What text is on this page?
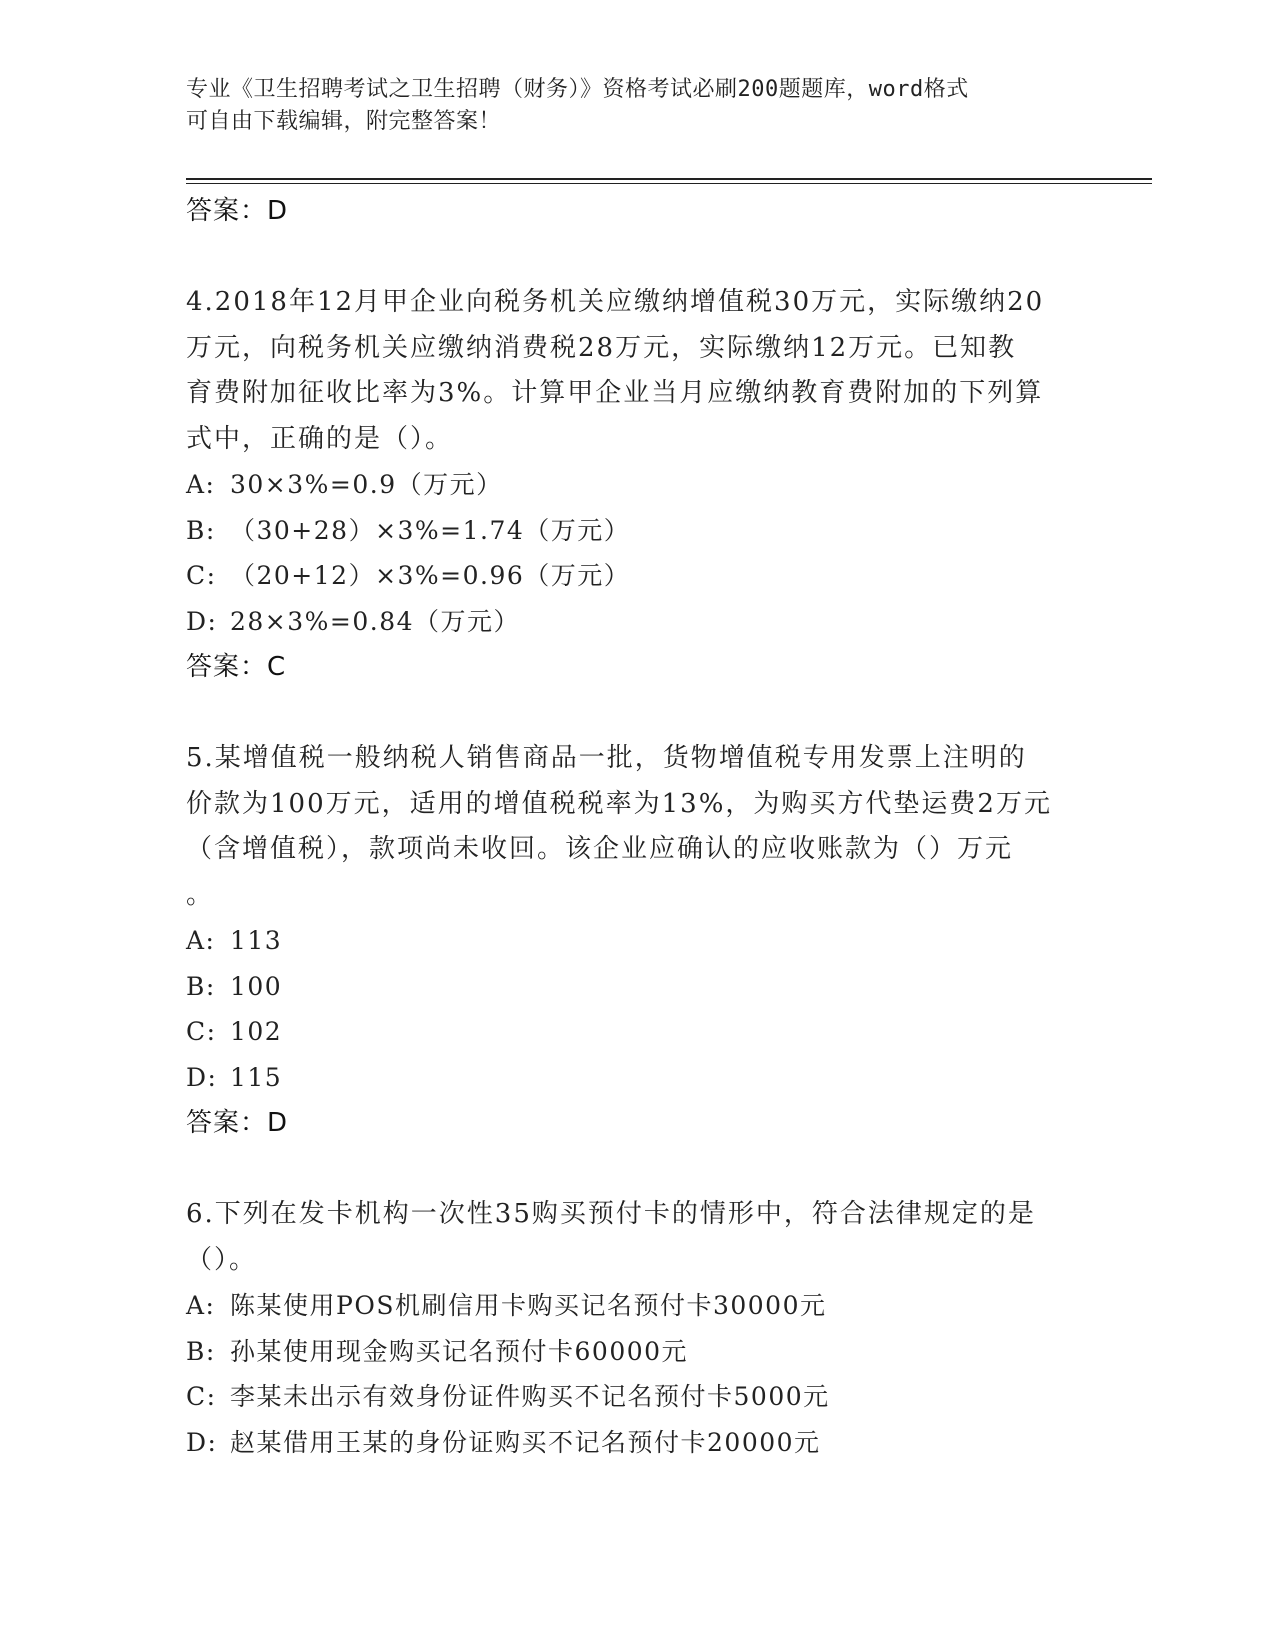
专业《卫生招聘考试之卫生招聘（财务）》资格考试必刷200题题库，word格式
可自由下载编辑，附完整答案！
答案：D
4.2018年12月甲企业向税务机关应缴纳增值税30万元，实际缴纳20
万元，向税务机关应缴纳消费税28万元，实际缴纳12万元。已知教
育费附加征收比率为3%。计算甲企业当月应缴纳教育费附加的下列算
式中，正确的是（）。
A: 30×3%=0.9（万元）
B: （30+28）×3%=1.74（万元）
C: （20+12）×3%=0.96（万元）
D: 28×3%=0.84（万元）
答案：C
5.某增值税一般纳税人销售商品一批，货物增值税专用发票上注明的
价款为100万元，适用的增值税税率为13%，为购买方代垫运费2万元
（含增值税），款项尚未收回。该企业应确认的应收账款为（）万元
。
A: 113
B: 100
C: 102
D: 115
答案：D
6.下列在发卡机构一次性35购买预付卡的情形中，符合法律规定的是
（）。
A: 陈某使用POS机刷信用卡购买记名预付卡30000元
B: 孙某使用现金购买记名预付卡60000元
C: 李某未出示有效身份证件购买不记名预付卡5000元
D: 赵某借用王某的身份证购买不记名预付卡20000元
